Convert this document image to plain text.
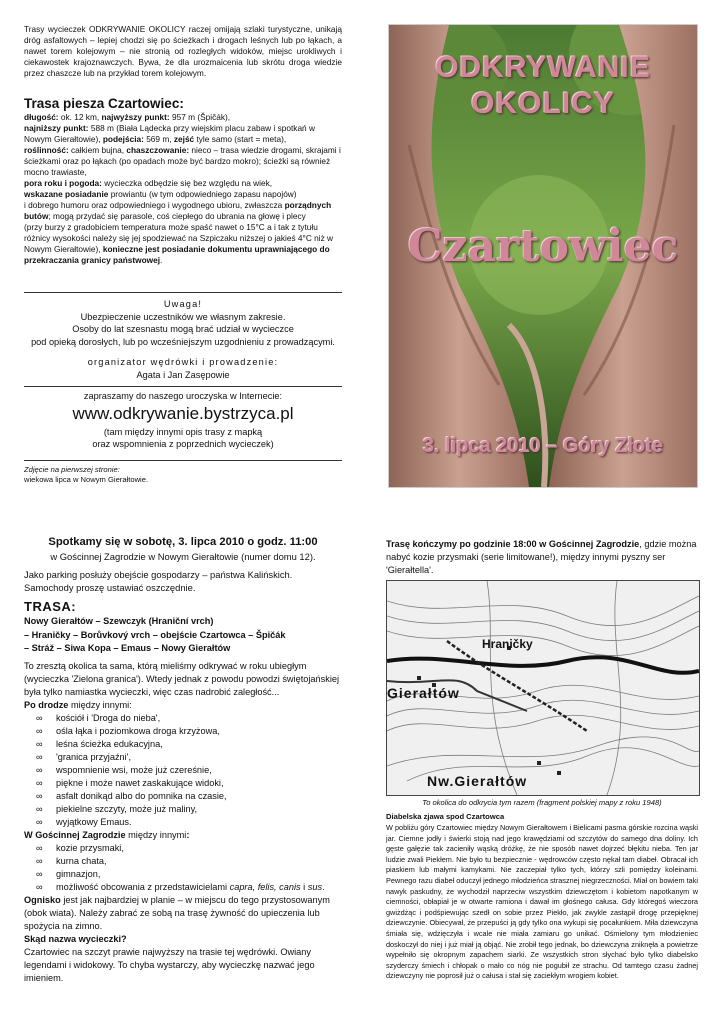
Trasy wycieczek ODKRYWANIE OKOLICY raczej omijają szlaki turystyczne, unikają dróg asfaltowych – lepiej chodzi się po ścieżkach i drogach leśnych lub po łąkach, a nawet torem kolejowym – nie stronią od rozległych widoków, miejsc urokliwych i ciekawostek krajoznawczych. Bywa, że dla urozmaicenia lub skrótu droga wiedzie przez chaszcze lub na przykład torem kolejowym.

Trasa piesza Czartowiec:

długość: ok. 12 km, najwyższy punkt: 957 m (Špičák),

najniższy punkt: 588 m (Biała Lądecka przy wiejskim placu zabaw i spotkań w Nowym Gierałtowie), podejścia: 569 m, zejść tyle samo (start = meta),

roślinność: całkiem bujna, chaszczowanie: nieco – trasa wiedzie drogami, skrajami i ścieżkami oraz po łąkach (po opadach może być bardzo mokro); ścieżki są również mocno trawiaste,

pora roku i pogoda: wycieczka odbędzie się bez względu na wiek,

wskazane posiadanie prowiantu (w tym odpowiedniego zapasu napojów)

i dobrego humoru oraz odpowiedniego i wygodnego ubioru, zwłaszcza porządnych butów; mogą przydać się parasole, coś ciepłego do ubrania na głowę i plecy

(przy burzy z gradobiciem temperatura może spaść nawet o 15°C a i tak z tytułu różnicy wysokości należy się jej spodziewać na Szpiczaku niższej o jakieś 4°C niż w Nowym Gierałtowie), konieczne jest posiadanie dokumentu uprawniającego do przekraczania granicy państwowej.

Uwaga!

Ubezpieczenie uczestników we własnym zakresie.

Osoby do lat szesnastu mogą brać udział w wycieczce

pod opieką dorosłych, lub po wcześniejszym uzgodnieniu z prowadzącymi.

organizator wędrówki i prowadzenie:

Agata i Jan Zasępowie

zapraszamy do naszego uroczyska w Internecie:

www.odkrywanie.bystrzyca.pl

(tam między innymi opis trasy z mapką

oraz wspomnienia z poprzednich wycieczek)

Zdjęcie na pierwszej stronie:

wiekowa lipca w Nowym Gierałtowie.

ODKRYWANIE
OKOLICY
Czartowiec
3. lipca 2010 – Góry Złote
Spotkamy się w sobotę, 3. lipca 2010 o godz. 11:00
w Gościnnej Zagrodzie w Nowym Gierałtowie (numer domu 12).

Jako parking posłuży obejście gospodarzy – państwa Kalińskich. Samochody proszę ustawiać oszczędnie.

TRASA:

Nowy Gierałtów – Szewczyk (Hraniční vrch)

– Hraničky – Borůvkový vrch – obejście Czartowca – Špičák

– Stráž – Siwa Kopa – Emaus – Nowy Gierałtów

To zresztą okolica ta sama, którą mieliśmy odkrywać w roku ubiegłym (wycieczka 'Zielona granica'). Wtedy jednak z powodu powodzi świętojańskiej była tylko namiastka wycieczki, więc czas nadrobić zaległość...

Po drodze między innymi:

∞ kościół i 'Droga do nieba',
∞ ośla łąka i poziomkowa droga krzyżowa,
∞ leśna ścieżka edukacyjna,
∞ 'granica przyjaźni',
∞ wspomnienie wsi, może już czereśnie,
∞ piękne i może nawet zaskakujące widoki,
∞ asfalt donikąd albo do pomnika na czasie,
∞ piekielne szczyty, może już maliny,
∞ wyjątkowy Emaus.

W Gościnnej Zagrodzie między innymi:

∞ kozie przysmaki,
∞ kurna chata,
∞ gimnazjon,
∞ możliwość obcowania z przedstawicielami capra, felis, canis i sus.

Ognisko jest jak najbardziej w planie – w miejscu do tego przystosowanym (obok wiata). Należy zabrać ze sobą na trasę żywność do upieczenia lub spożycia na zimno.

Skąd nazwa wycieczki?

Czartowiec na szczyt prawie najwyższy na trasie tej wędrówki. Owiany legendami i widokowy. To chyba wystarczy, aby wycieczkę nazwać jego imieniem.

Trasę kończymy po godzinie 18:00 w Gościnnej Zagrodzie, gdzie można nabyć kozie przysmaki (serie limitowane!), między innymi pyszny ser 'Gierałtella'.

Hraničky
Gierałtów
Nw.Gierałtów
To okolica do odkrycia tym razem (fragment polskiej mapy z roku 1948)
Diabelska zjawa spod Czartowca

W pobliżu góry Czartowiec między Nowym Gierałtowem i Bielicami pasma górskie rozcina wąski jar. Ciemne jodły i świerki stoją nad jego krawędziami od szczytów do samego dna doliny. Ich gęste gałęzie tak zacieniły wąską dróżkę, że nie sposób nawet dojrzeć błękitu nieba. Ten jar ludzie zwali Piekłem. Nie było tu bezpiecznie - wędrowców często nękał tam diabeł. Obracał ich piaskiem lub małymi kamykami. Nie zaczepiał tylko tych, którzy szli pomiędzy koleinami. Pewnego razu diabeł oduczył jednego młodzieńca strasznej niegrzeczności. Miał on bowiem taki nawyk paskudny, że wychodził naprzeciw wszystkim dziewczętom i kobietom napotkanym w ciemności, obłapiał je w otwarte ramiona i dawał im głośnego całusa. Gdy któregoś wieczora gwiżdżąc i podśpiewując szedł on sobie przez Piekło, jak zwykle zastąpił drogę przepięknej dziewczynie. Obiecywał, że przepuści ją gdy tylko ona wykupi się pocałunkiem. Miła dziewczyna śmiała się, wdzięczyła i wcale nie miała zamiaru go unikać. Ośmielony tym młodzieniec doskoczył do niej i już miał ją objąć. Nie zrobił tego jednak, bo dziewczyna zniknęła a powietrze wypełniło się okropnym zapachem siarki. Ze wszystkich stron słychać było tylko diabelsko szyderczy śmiech i chłopak o mało co nóg nie pogubił ze strachu. Od tamtego czasu żadnej dziewczyny nie poprosił już o całusa i stał się zaciekłym wrogiem kobiet.
